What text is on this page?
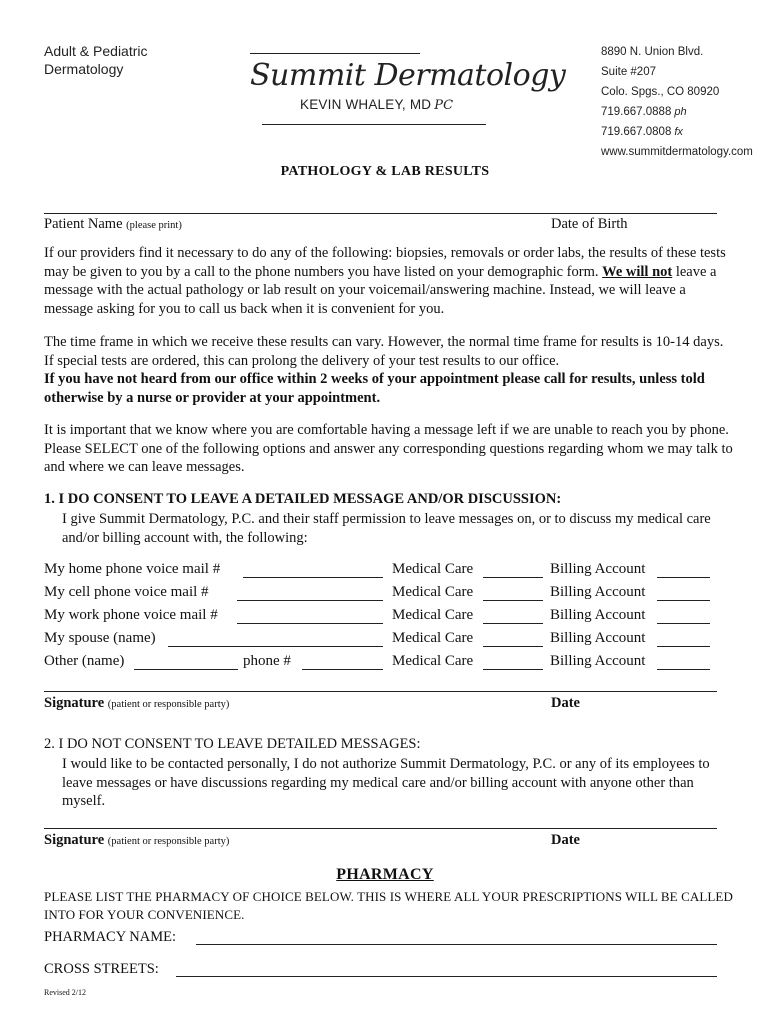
Adult & Pediatric
Dermatology	Summit Dermatology
KEVIN WHALEY, MD PC
8890 N. Union Blvd.
Suite #207
Colo. Spgs., CO 80920
719.667.0888 ph
719.667.0808 fx
www.summitdermatology.com
PATHOLOGY & LAB RESULTS
Patient Name (please print)	Date of Birth

If our providers find it necessary to do any of the following: biopsies, removals or order labs, the results of these tests may be given to you by a call to the phone numbers you have listed on your demographic form. We will not leave a message with the actual pathology or lab result on your voicemail/answering machine. Instead, we will leave a message asking for you to call us back when it is convenient for you.

The time frame in which we receive these results can vary. However, the normal time frame for results is 10-14 days. If special tests are ordered, this can prolong the delivery of your test results to our office.

If you have not heard from our office within 2 weeks of your appointment please call for results, unless told otherwise by a nurse or provider at your appointment.

It is important that we know where you are comfortable having a message left if we are unable to reach you by phone. Please SELECT one of the following options and answer any corresponding questions regarding whom we may talk to and where we can leave messages.
1. I DO CONSENT TO LEAVE A DETAILED MESSAGE AND/OR DISCUSSION:
I give Summit Dermatology, P.C. and their staff permission to leave messages on, or to discuss my medical care and/or billing account with, the following:
My home phone voice mail #	Medical Care	Billing Account
My cell phone voice mail #	Medical Care	Billing Account
My work phone voice mail #	Medical Care	Billing Account
My spouse (name)	Medical Care	Billing Account
Other (name)	phone #	Medical Care	Billing Account
Signature (patient or responsible party)	Date
2. I DO NOT CONSENT TO LEAVE DETAILED MESSAGES:
I would like to be contacted personally, I do not authorize Summit Dermatology, P.C. or any of its employees to leave messages or have discussions regarding my medical care and/or billing account with anyone other than myself.
Signature (patient or responsible party)	Date
PHARMACY
PLEASE LIST THE PHARMACY OF CHOICE BELOW. THIS IS WHERE ALL YOUR PRESCRIPTIONS WILL BE CALLED INTO FOR YOUR CONVENIENCE.
PHARMACY NAME:
CROSS STREETS:
Revised 2/12
